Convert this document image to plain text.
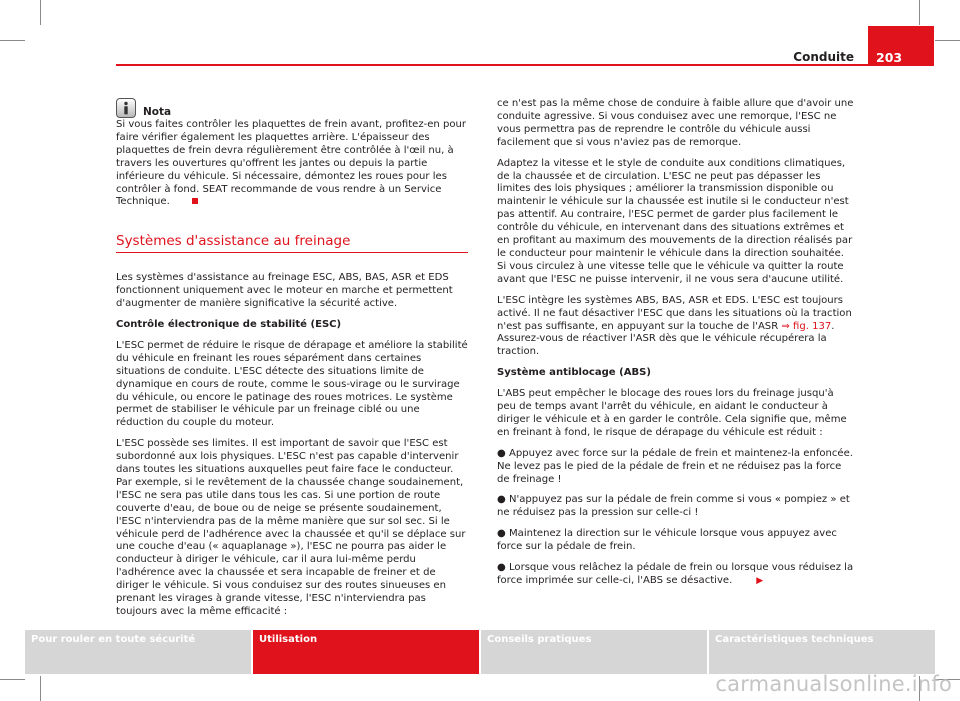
Conduite	203
Nota

Si vous faites contrôler les plaquettes de frein avant, profitez-en pour faire vérifier également les plaquettes arrière. L'épaisseur des plaquettes de frein devra régulièrement être contrôlée à l'œil nu, à travers les ouvertures qu'offrent les jantes ou depuis la partie inférieure du véhicule. Si nécessaire, démontez les roues pour les contrôler à fond. SEAT recommande de vous rendre à un Service Technique.

Systèmes d'assistance au freinage

Les systèmes d'assistance au freinage ESC, ABS, BAS, ASR et EDS fonctionnent uniquement avec le moteur en marche et permettent d'augmenter de manière significative la sécurité active.

Contrôle électronique de stabilité (ESC)

L'ESC permet de réduire le risque de dérapage et améliore la stabilité du véhicule en freinant les roues séparément dans certaines situations de conduite. L'ESC détecte des situations limite de dynamique en cours de route, comme le sous-virage ou le survirage du véhicule, ou encore le patinage des roues motrices. Le système permet de stabiliser le véhicule par un freinage ciblé ou une réduction du couple du moteur.

L'ESC possède ses limites. Il est important de savoir que l'ESC est subordonné aux lois physiques. L'ESC n'est pas capable d'intervenir dans toutes les situations auxquelles peut faire face le conducteur. Par exemple, si le revêtement de la chaussée change soudainement, l'ESC ne sera pas utile dans tous les cas. Si une portion de route couverte d'eau, de boue ou de neige se présente soudainement, l'ESC n'interviendra pas de la même manière que sur sol sec. Si le véhicule perd de l'adhérence avec la chaussée et qu'il se déplace sur une couche d'eau (« aquaplanage »), l'ESC ne pourra pas aider le conducteur à diriger le véhicule, car il aura lui-même perdu l'adhérence avec la chaussée et sera incapable de freiner et de diriger le véhicule. Si vous conduisez sur des routes sinueuses en prenant les virages à grande vitesse, l'ESC n'interviendra pas toujours avec la même efficacité :

ce n'est pas la même chose de conduire à faible allure que d'avoir une conduite agressive. Si vous conduisez avec une remorque, l'ESC ne vous permettra pas de reprendre le contrôle du véhicule aussi facilement que si vous n'aviez pas de remorque.

Adaptez la vitesse et le style de conduite aux conditions climatiques, de la chaussée et de circulation. L'ESC ne peut pas dépasser les limites des lois physiques ; améliorer la transmission disponible ou maintenir le véhicule sur la chaussée est inutile si le conducteur n'est pas attentif. Au contraire, l'ESC permet de garder plus facilement le contrôle du véhicule, en intervenant dans des situations extrêmes et en profitant au maximum des mouvements de la direction réalisés par le conducteur pour maintenir le véhicule dans la direction souhaitée. Si vous circulez à une vitesse telle que le véhicule va quitter la route avant que l'ESC ne puisse intervenir, il ne vous sera d'aucune utilité.

L'ESC intègre les systèmes ABS, BAS, ASR et EDS. L'ESC est toujours activé. Il ne faut désactiver l'ESC que dans les situations où la traction n'est pas suffisante, en appuyant sur la touche de l'ASR ⇒ fig. 137. Assurez-vous de réactiver l'ASR dès que le véhicule récupérera la traction.

Système antiblocage (ABS)

L'ABS peut empêcher le blocage des roues lors du freinage jusqu'à peu de temps avant l'arrêt du véhicule, en aidant le conducteur à diriger le véhicule et à en garder le contrôle. Cela signifie que, même en freinant à fond, le risque de dérapage du véhicule est réduit :

● Appuyez avec force sur la pédale de frein et maintenez-la enfoncée. Ne levez pas le pied de la pédale de frein et ne réduisez pas la force de freinage !

● N'appuyez pas sur la pédale de frein comme si vous « pompiez » et ne réduisez pas la pression sur celle-ci !

● Maintenez la direction sur le véhicule lorsque vous appuyez avec force sur la pédale de frein.

● Lorsque vous relâchez la pédale de frein ou lorsque vous réduisez la force imprimée sur celle-ci, l'ABS se désactive.	▶

Pour rouler en toute sécurité	Utilisation	Conseils pratiques	Caractéristiques techniques
carmanualsonline.info
